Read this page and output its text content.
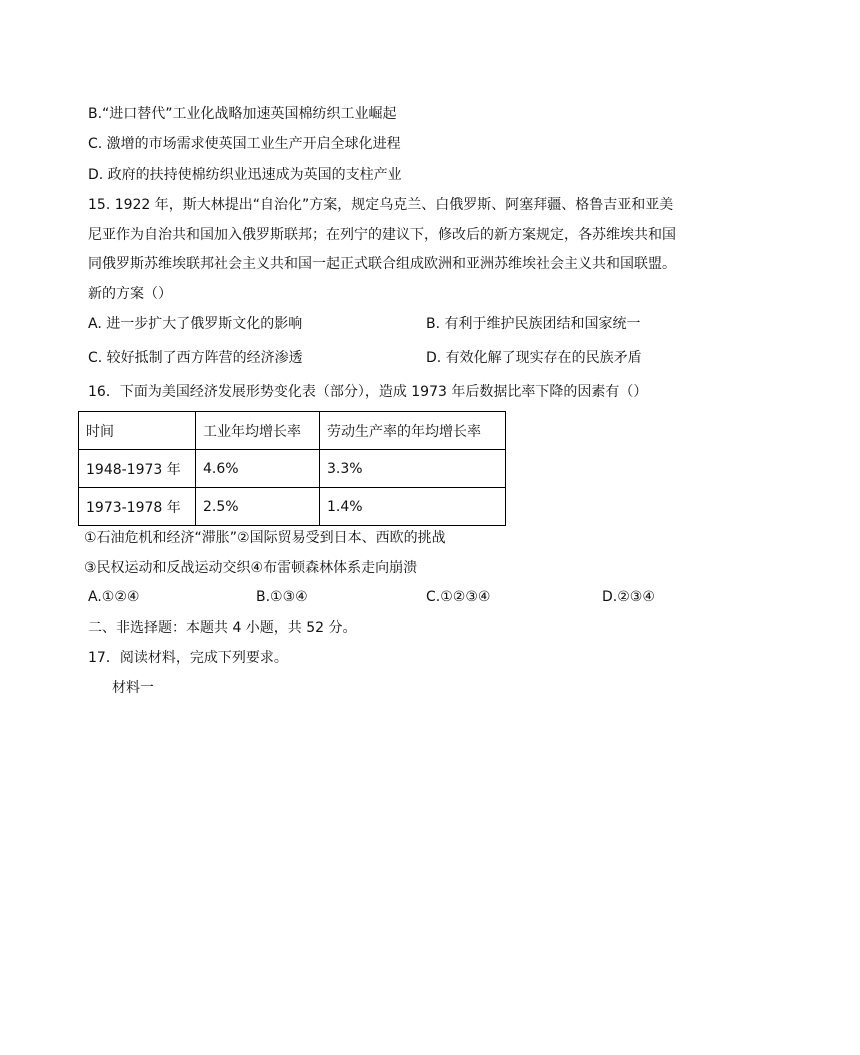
B.“进口替代”工业化战略加速英国棉纺织工业崛起
C. 激增的市场需求使英国工业生产开启全球化进程
D. 政府的扶持使棉纺织业迅速成为英国的支柱产业
15. 1922 年，斯大林提出“自治化”方案，规定乌克兰、白俄罗斯、阿塞拜疆、格鲁吉亚和亚美
尼亚作为自治共和国加入俄罗斯联邦；在列宁的建议下，修改后的新方案规定，各苏维埃共和国
同俄罗斯苏维埃联邦社会主义共和国一起正式联合组成欧洲和亚洲苏维埃社会主义共和国联盟。
新的方案（）
A. 进一步扩大了俄罗斯文化的影响	B. 有利于维护民族团结和国家统一
C. 较好抵制了西方阵营的经济渗透	D. 有效化解了现实存在的民族矛盾
16．下面为美国经济发展形势变化表（部分），造成 1973 年后数据比率下降的因素有（）
时间	工业年均增长率	劳动生产率的年均增长率
1948-1973 年	4.6%	3.3%
1973-1978 年	2.5%	1.4%
①石油危机和经济“滞胀”②国际贸易受到日本、西欧的挑战
③民权运动和反战运动交织④布雷顿森林体系走向崩溃
A.①②④	B.①③④	C.①②③④	D.②③④
二、非选择题：本题共 4 小题，共 52 分。
17．阅读材料，完成下列要求。
材料一
